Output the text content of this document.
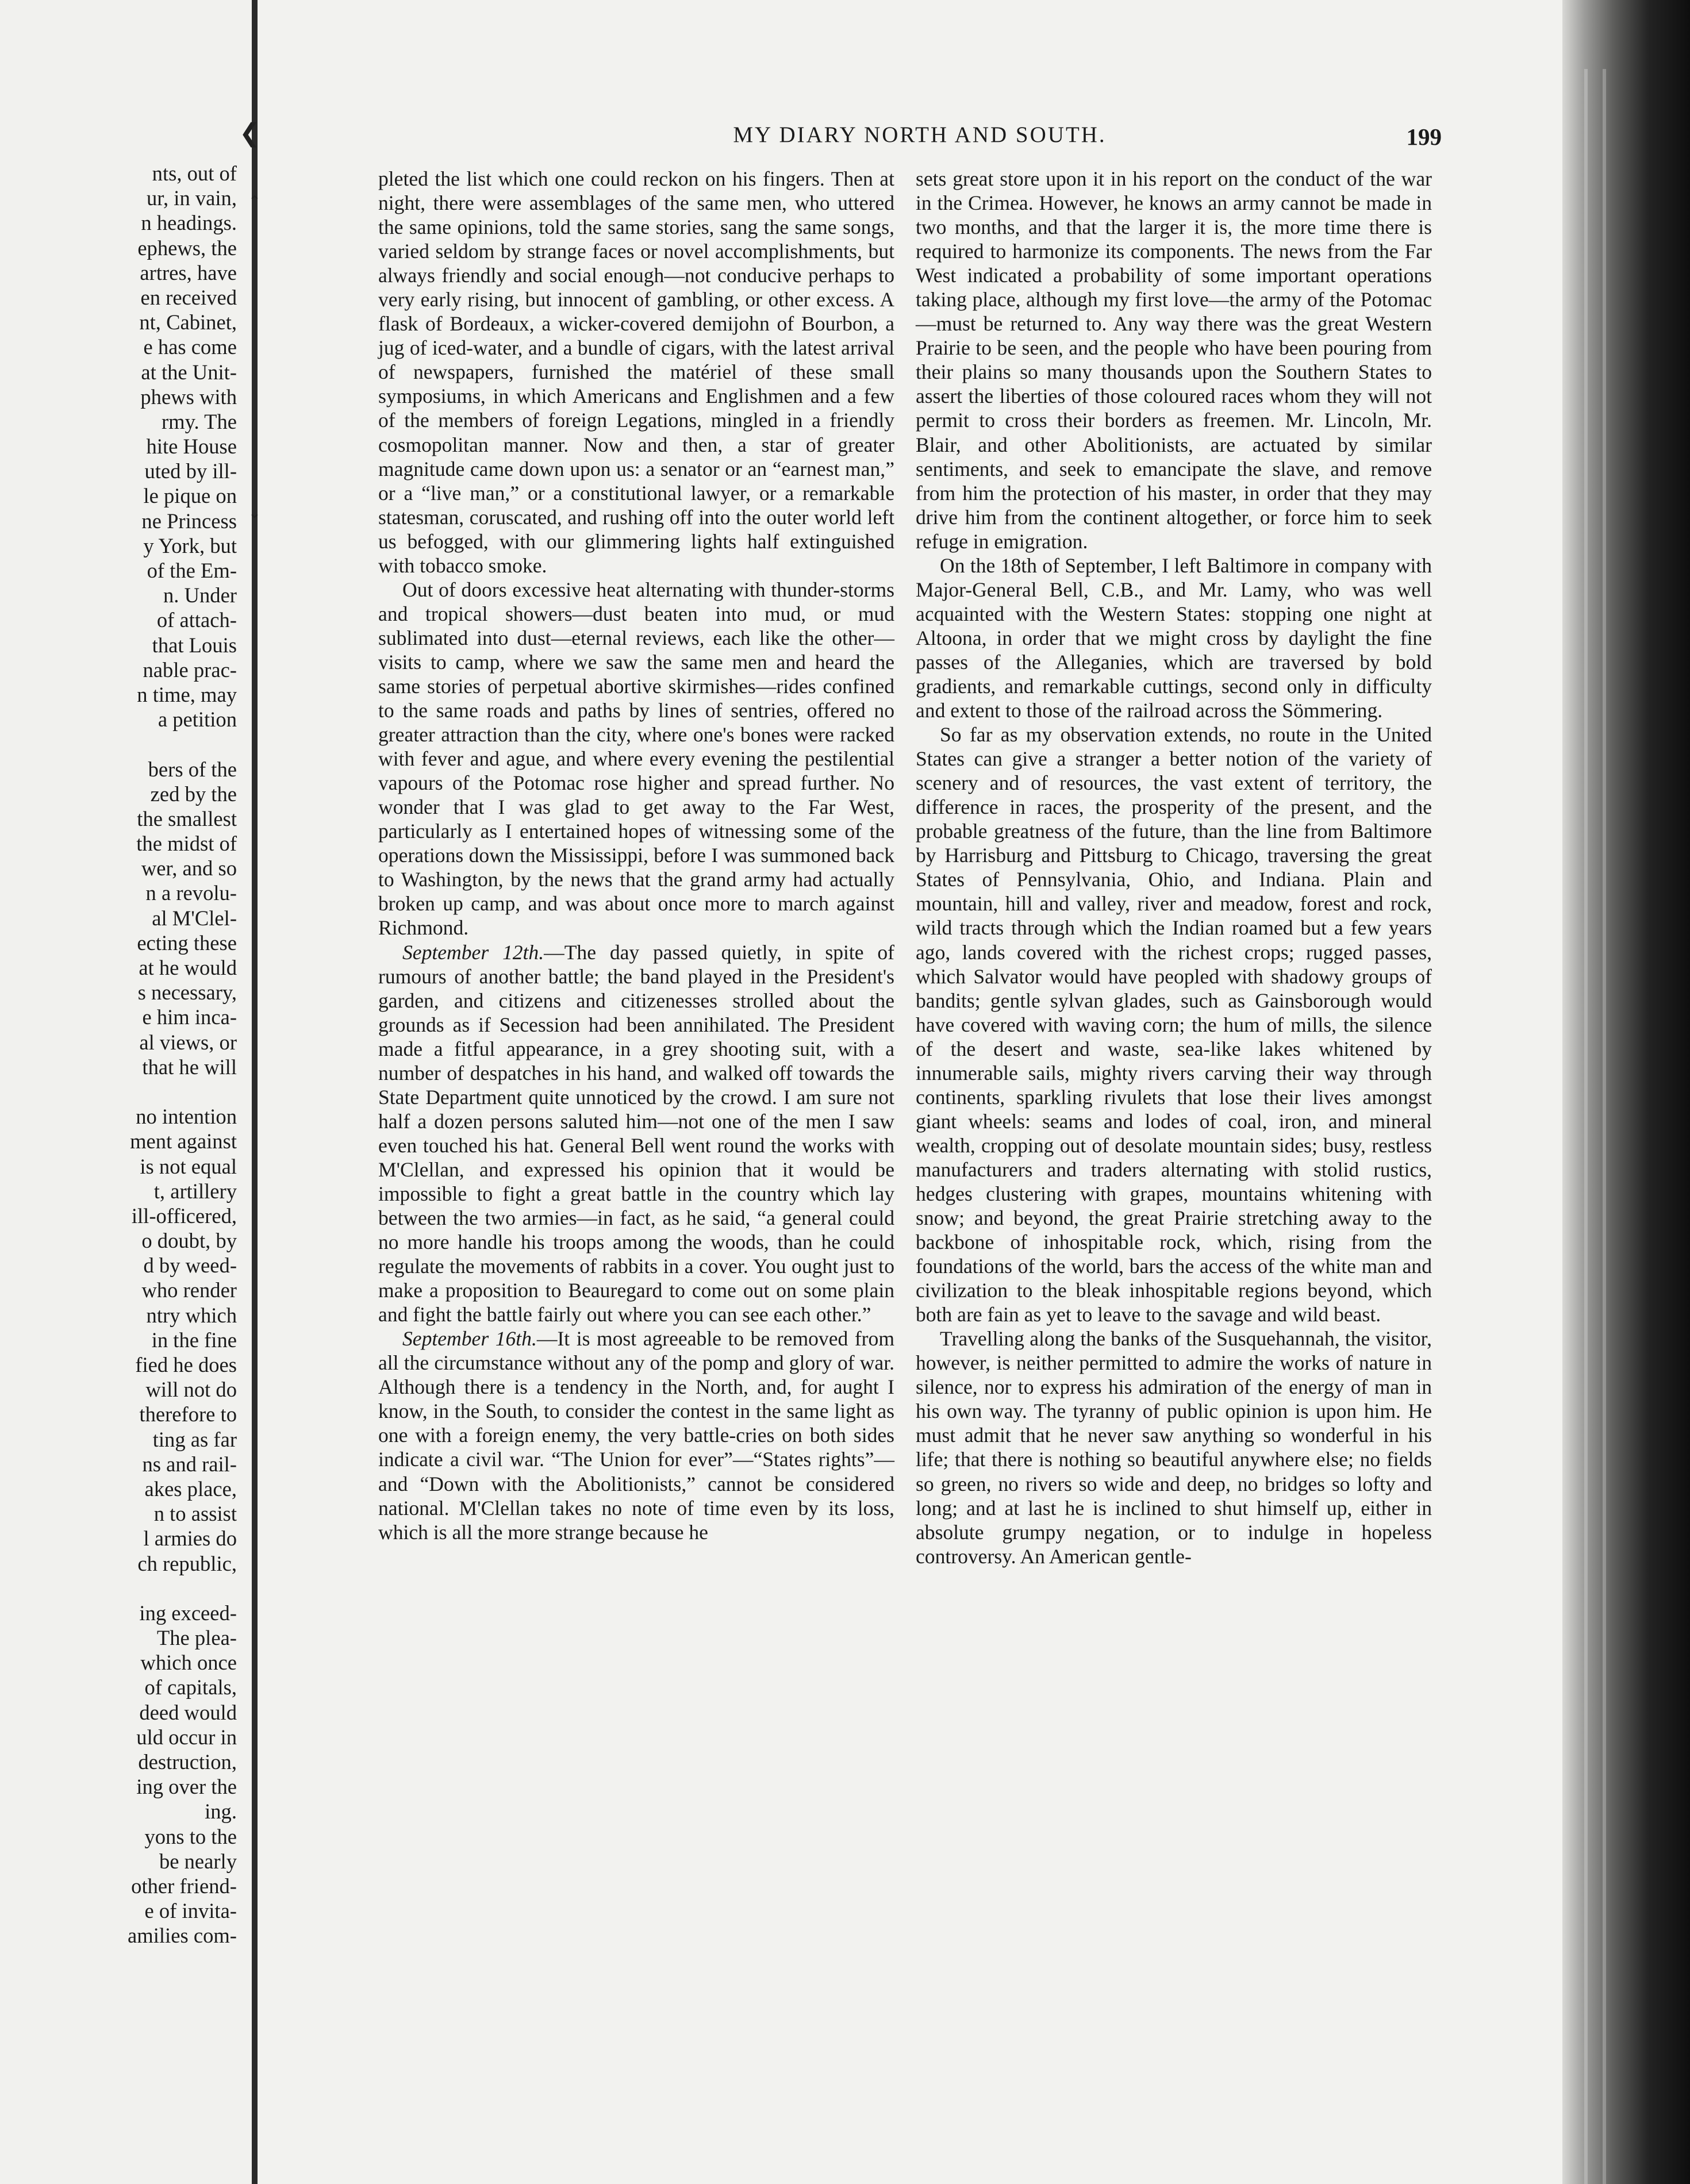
nts, out of
ur, in vain,
n headings.
ephews, the
artres, have
en received
nt, Cabinet,
e has come
at the Unit-
phews with
rmy. The
hite House
uted by ill-
le pique on
ne Princess
y York, but
of the Em-
n. Under
of attach-
that Louis
nable prac-
n time, may
a petition
bers of the
zed by the
the smallest
the midst of
wer, and so
n a revolu-
al M'Clel-
ecting these
at he would
s necessary,
e him inca-
al views, or
that he will
no intention
ment against
is not equal
t, artillery
ill-officered,
o doubt, by
d by weed-
who render
ntry which
in the fine
fied he does
will not do
therefore to
ting as far
ns and rail-
akes place,
n to assist
l armies do
ch republic,
ing exceed-
The plea-
which once
of capitals,
deed would
uld occur in
destruction,
ing over the
ing.
yons to the
be nearly
other friend-
e of invita-
amilies com-
❮
⌃
⌄
MY DIARY NORTH AND SOUTH.	199

pleted the list which one could reckon on his fingers. Then at night, there were assemblages of the same men, who uttered the same opinions, told the same stories, sang the same songs, varied seldom by strange faces or novel accomplishments, but always friendly and social enough—not conducive perhaps to very early rising, but innocent of gambling, or other excess. A flask of Bordeaux, a wicker-covered demijohn of Bourbon, a jug of iced-water, and a bundle of cigars, with the latest arrival of newspapers, furnished the matériel of these small symposiums, in which Americans and Englishmen and a few of the members of foreign Legations, mingled in a friendly cosmopolitan manner. Now and then, a star of greater magnitude came down upon us: a senator or an “earnest man,” or a “live man,” or a constitutional lawyer, or a remarkable statesman, coruscated, and rushing off into the outer world left us befogged, with our glimmering lights half extinguished with tobacco smoke.

Out of doors excessive heat alternating with thunder-storms and tropical showers—dust beaten into mud, or mud sublimated into dust—eternal reviews, each like the other—visits to camp, where we saw the same men and heard the same stories of perpetual abortive skirmishes—rides confined to the same roads and paths by lines of sentries, offered no greater attraction than the city, where one's bones were racked with fever and ague, and where every evening the pestilential vapours of the Potomac rose higher and spread further. No wonder that I was glad to get away to the Far West, particularly as I entertained hopes of witnessing some of the operations down the Mississippi, before I was summoned back to Washington, by the news that the grand army had actually broken up camp, and was about once more to march against Richmond.

September 12th.—The day passed quietly, in spite of rumours of another battle; the band played in the President's garden, and citizens and citizenesses strolled about the grounds as if Secession had been annihilated. The President made a fitful appearance, in a grey shooting suit, with a number of despatches in his hand, and walked off towards the State Department quite unnoticed by the crowd. I am sure not half a dozen persons saluted him—not one of the men I saw even touched his hat. General Bell went round the works with M'Clellan, and expressed his opinion that it would be impossible to fight a great battle in the country which lay between the two armies—in fact, as he said, “a general could no more handle his troops among the woods, than he could regulate the movements of rabbits in a cover. You ought just to make a proposition to Beauregard to come out on some plain and fight the battle fairly out where you can see each other.”

September 16th.—It is most agreeable to be removed from all the circumstance without any of the pomp and glory of war. Although there is a tendency in the North, and, for aught I know, in the South, to consider the contest in the same light as one with a foreign enemy, the very battle-cries on both sides indicate a civil war. “The Union for ever”—“States rights”—and “Down with the Abolitionists,” cannot be considered national. M'Clellan takes no note of time even by its loss, which is all the more strange because he

sets great store upon it in his report on the conduct of the war in the Crimea. However, he knows an army cannot be made in two months, and that the larger it is, the more time there is required to harmonize its components. The news from the Far West indicated a probability of some important operations taking place, although my first love—the army of the Potomac—must be returned to. Any way there was the great Western Prairie to be seen, and the people who have been pouring from their plains so many thousands upon the Southern States to assert the liberties of those coloured races whom they will not permit to cross their borders as freemen. Mr. Lincoln, Mr. Blair, and other Abolitionists, are actuated by similar sentiments, and seek to emancipate the slave, and remove from him the protection of his master, in order that they may drive him from the continent altogether, or force him to seek refuge in emigration.

On the 18th of September, I left Baltimore in company with Major-General Bell, C.B., and Mr. Lamy, who was well acquainted with the Western States: stopping one night at Altoona, in order that we might cross by daylight the fine passes of the Alleganies, which are traversed by bold gradients, and remarkable cuttings, second only in difficulty and extent to those of the railroad across the Sömmering.

So far as my observation extends, no route in the United States can give a stranger a better notion of the variety of scenery and of resources, the vast extent of territory, the difference in races, the prosperity of the present, and the probable greatness of the future, than the line from Baltimore by Harrisburg and Pittsburg to Chicago, traversing the great States of Pennsylvania, Ohio, and Indiana. Plain and mountain, hill and valley, river and meadow, forest and rock, wild tracts through which the Indian roamed but a few years ago, lands covered with the richest crops; rugged passes, which Salvator would have peopled with shadowy groups of bandits; gentle sylvan glades, such as Gainsborough would have covered with waving corn; the hum of mills, the silence of the desert and waste, sea-like lakes whitened by innumerable sails, mighty rivers carving their way through continents, sparkling rivulets that lose their lives amongst giant wheels: seams and lodes of coal, iron, and mineral wealth, cropping out of desolate mountain sides; busy, restless manufacturers and traders alternating with stolid rustics, hedges clustering with grapes, mountains whitening with snow; and beyond, the great Prairie stretching away to the backbone of inhospitable rock, which, rising from the foundations of the world, bars the access of the white man and civilization to the bleak inhospitable regions beyond, which both are fain as yet to leave to the savage and wild beast.

Travelling along the banks of the Susquehannah, the visitor, however, is neither permitted to admire the works of nature in silence, nor to express his admiration of the energy of man in his own way. The tyranny of public opinion is upon him. He must admit that he never saw anything so wonderful in his life; that there is nothing so beautiful anywhere else; no fields so green, no rivers so wide and deep, no bridges so lofty and long; and at last he is inclined to shut himself up, either in absolute grumpy negation, or to indulge in hopeless controversy. An American gentle-
